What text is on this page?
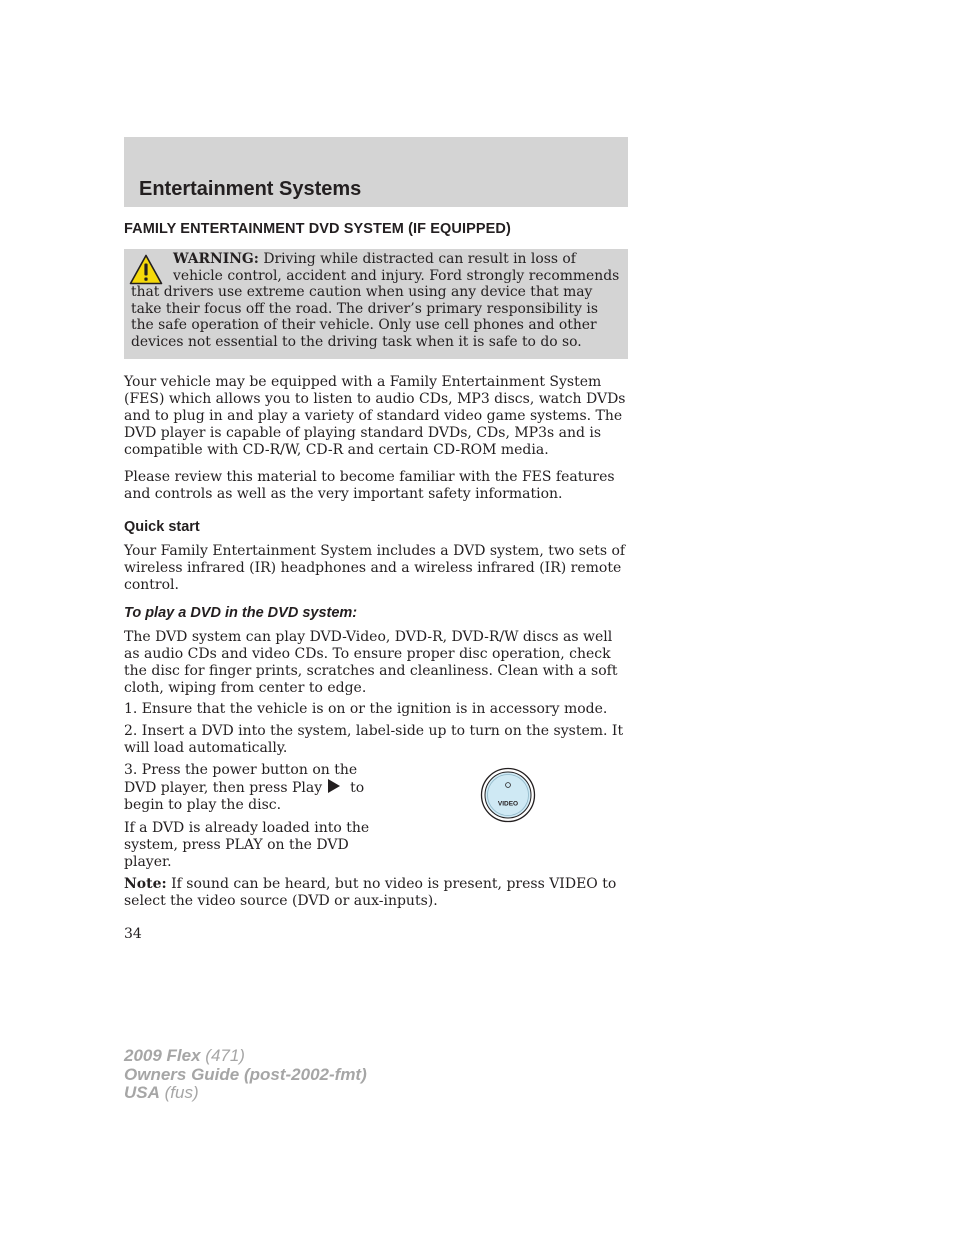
Entertainment Systems
FAMILY ENTERTAINMENT DVD SYSTEM (IF EQUIPPED)

WARNING: Driving while distracted can result in loss of vehicle control, accident and injury. Ford strongly recommends that drivers use extreme caution when using any device that may take their focus off the road. The driver’s primary responsibility is the safe operation of their vehicle. Only use cell phones and other devices not essential to the driving task when it is safe to do so.

Your vehicle may be equipped with a Family Entertainment System (FES) which allows you to listen to audio CDs, MP3 discs, watch DVDs and to plug in and play a variety of standard video game systems. The DVD player is capable of playing standard DVDs, CDs, MP3s and is compatible with CD-R/W, CD-R and certain CD-ROM media.

Please review this material to become familiar with the FES features and controls as well as the very important safety information.

Quick start

Your Family Entertainment System includes a DVD system, two sets of wireless infrared (IR) headphones and a wireless infrared (IR) remote control.

To play a DVD in the DVD system:

The DVD system can play DVD-Video, DVD-R, DVD-R/W discs as well as audio CDs and video CDs. To ensure proper disc operation, check the disc for finger prints, scratches and cleanliness. Clean with a soft cloth, wiping from center to edge.

1. Ensure that the vehicle is on or the ignition is in accessory mode.

2. Insert a DVD into the system, label-side up to turn on the system. It will load automatically.

3. Press the power button on the DVD player, then press Play to begin to play the disc.

If a DVD is already loaded into the system, press PLAY on the DVD player.

VIDEO

Note: If sound can be heard, but no video is present, press VIDEO to select the video source (DVD or aux-inputs).

34
2009 Flex (471)
Owners Guide (post-2002-fmt)
USA (fus)
